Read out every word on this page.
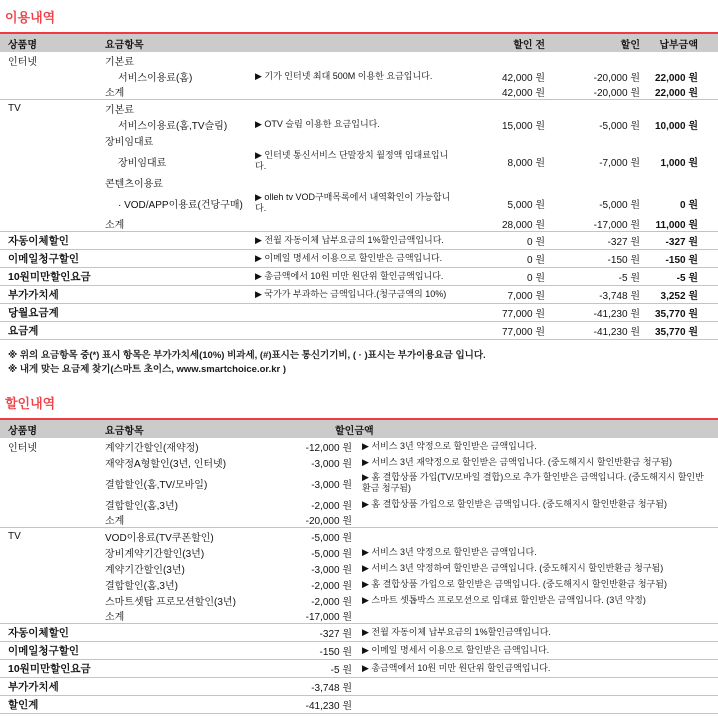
이용내역
상품명	요금항목	할인 전	할인	납부금액
인터넷	기본료
서비스이용료(홈)	▶ 기가 인터넷 최대 500M 이용한 요금입니다.	42,000 원	-20,000 원	22,000 원
소계	42,000 원	-20,000 원	22,000 원
TV	기본료
서비스이용료(홈,TV슬림)	▶ OTV 슬림 이용한 요금입니다.	15,000 원	-5,000 원	10,000 원
장비임대료
장비임대료
▶ 인터넷 통신서비스 단말장치 월정액 임대료입니다.	8,000 원	-7,000 원	1,000 원
콘텐츠이용료
· VOD/APP이용료(건당구매)
▶ olleh tv VOD구매목록에서 내역확인이 가능합니다.	5,000 원	-5,000 원	0 원
소계	28,000 원	-17,000 원	11,000 원
자동이체할인	▶ 전월 자동이체 납부요금의 1%할인금액입니다.	0 원	-327 원	-327 원
이메일청구할인	▶ 이메일 명세서 이용으로 할인받은 금액입니다.	0 원	-150 원	-150 원
10원미만할인요금	▶ 총금액에서 10원 미만 원단위 할인금액입니다.	0 원	-5 원	-5 원
부가가치세	▶ 국가가 부과하는 금액입니다.(청구금액의 10%)	7,000 원	-3,748 원	3,252 원
당월요금계	77,000 원	-41,230 원	35,770 원
요금계	77,000 원	-41,230 원	35,770 원

※ 위의 요금항목 중(*) 표시 항목은 부가가치세(10%) 비과세, (#)표시는 통신기기비, ( · )표시는 부가이용요금 입니다.

※ 내게 맞는 요금제 찾기(스마트 초이스, www.smartchoice.or.kr )

할인내역
상품명	요금항목	할인금액
인터넷	계약기간할인(재약정)	-12,000 원	▶ 서비스 3년 약정으로 할인받은 금액입니다.
재약정A형할인(3년, 인터넷)	-3,000 원	▶ 서비스 3년 재약정으로 할인받은 금액입니다. (중도해지시 할인반환금 청구됨)
결합할인(홈,TV/모바일)	-3,000 원
▶ 홈 결합상품 가입(TV/모바일 결합)으로 추가 할인받은 금액입니다. (중도해지시 할인반환금 청구됨)
결합할인(홈,3년)	-2,000 원	▶ 홈 결합상품 가입으로 할인받은 금액입니다. (중도해지시 할인반환금 청구됨)
소계	-20,000 원
TV	VOD이용료(TV쿠폰할인)	-5,000 원
장비계약기간할인(3년)	-5,000 원	▶ 서비스 3년 약정으로 할인받은 금액입니다.
계약기간할인(3년)	-3,000 원	▶ 서비스 3년 약정하여 할인받은 금액입니다. (중도해지시 할인반환금 청구됨)
결합할인(홈,3년)	-2,000 원	▶ 홈 결합상품 가입으로 할인받은 금액입니다. (중도해지시 할인반환금 청구됨)
스마트셋탑 프로모션할인(3년)	-2,000 원	▶ 스마트 셋톱박스 프로모션으로 임대료 할인받은 금액입니다. (3년 약정)
소계	-17,000 원
자동이체할인	-327 원	▶ 전월 자동이체 납부요금의 1%할인금액입니다.
이메일청구할인	-150 원	▶ 이메일 명세서 이용으로 할인받은 금액입니다.
10원미만할인요금	-5 원	▶ 총금액에서 10원 미만 원단위 할인금액입니다.
부가가치세	-3,748 원
할인계	-41,230 원
